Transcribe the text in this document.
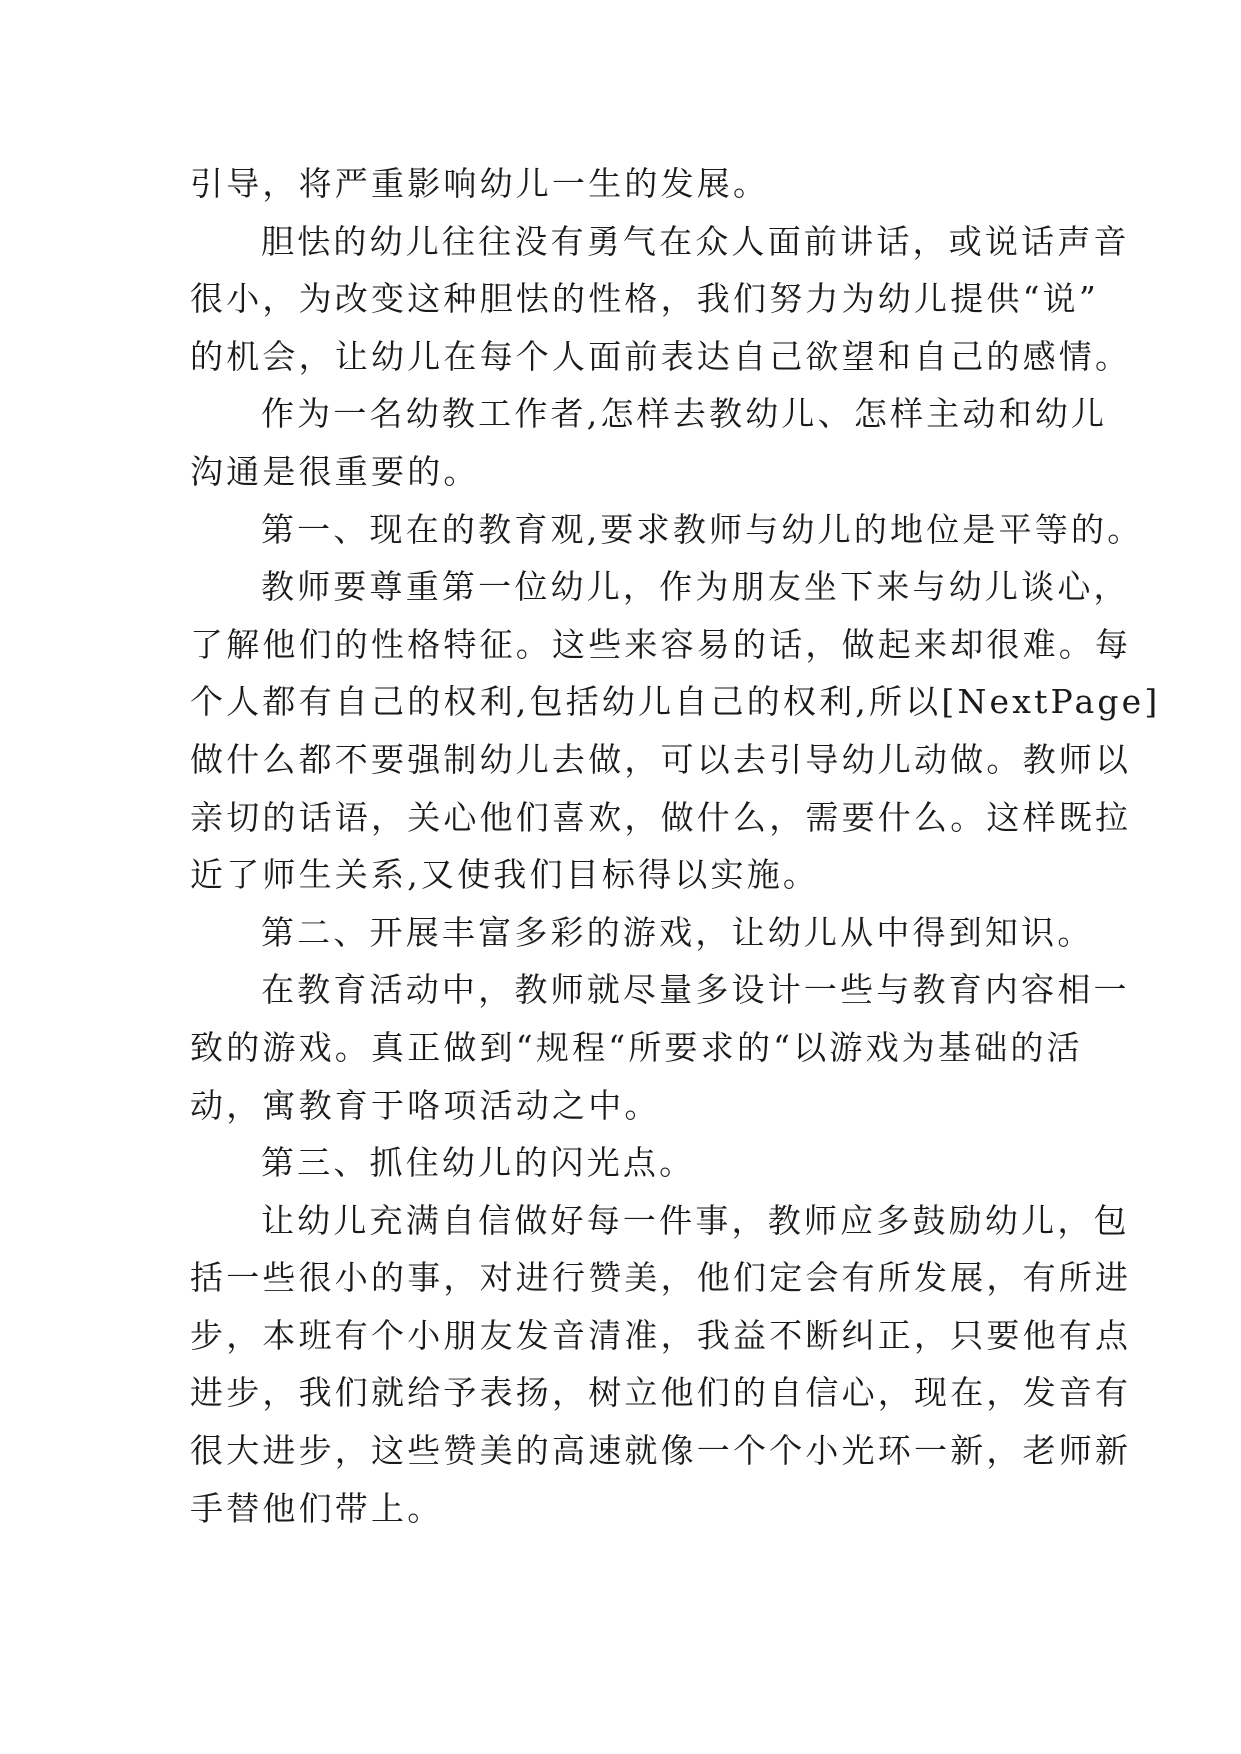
引导，将严重影响幼儿一生的发展。
胆怯的幼儿往往没有勇气在众人面前讲话，或说话声音
很小，为改变这种胆怯的性格，我们努力为幼儿提供“说”
的机会，让幼儿在每个人面前表达自己欲望和自己的感情。
作为一名幼教工作者,怎样去教幼儿、怎样主动和幼儿
沟通是很重要的。
第一、现在的教育观,要求教师与幼儿的地位是平等的。
教师要尊重第一位幼儿，作为朋友坐下来与幼儿谈心，
了解他们的性格特征。这些来容易的话，做起来却很难。每
个人都有自己的权利,包括幼儿自己的权利,所以[NextPage]
做什么都不要强制幼儿去做，可以去引导幼儿动做。教师以
亲切的话语，关心他们喜欢，做什么，需要什么。这样既拉
近了师生关系,又使我们目标得以实施。
第二、开展丰富多彩的游戏，让幼儿从中得到知识。
在教育活动中，教师就尽量多设计一些与教育内容相一
致的游戏。真正做到“规程“所要求的“以游戏为基础的活
动，寓教育于咯项活动之中。
第三、抓住幼儿的闪光点。
让幼儿充满自信做好每一件事，教师应多鼓励幼儿，包
括一些很小的事，对进行赞美，他们定会有所发展，有所进
步，本班有个小朋友发音清准，我益不断纠正，只要他有点
进步，我们就给予表扬，树立他们的自信心，现在，发音有
很大进步，这些赞美的高速就像一个个小光环一新，老师新
手替他们带上。
